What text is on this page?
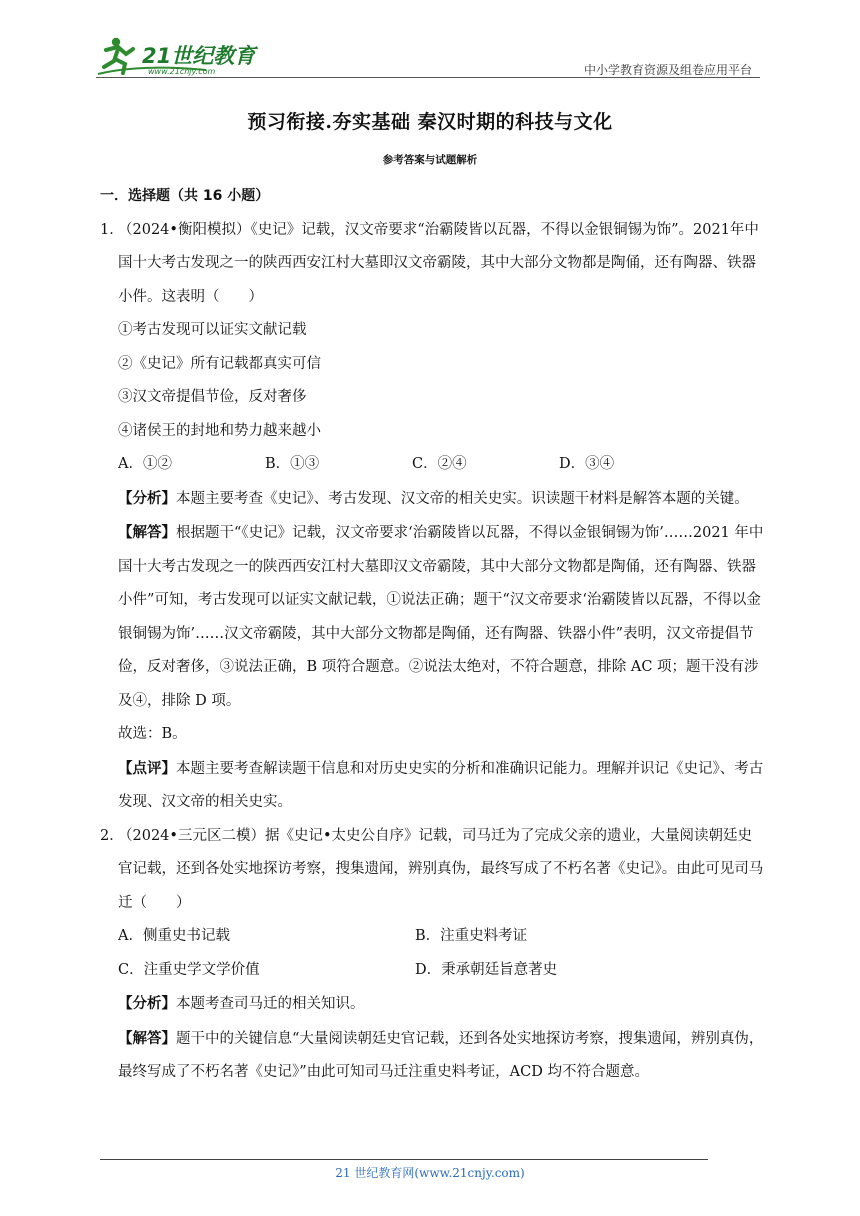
21世纪教育
www.21cnjy.com	中小学教育资源及组卷应用平台
预习衔接.夯实基础 秦汉时期的科技与文化
参考答案与试题解析
一．选择题（共 16 小题）
1．
（2024•衡阳模拟）《史记》记载，汉文帝要求“治霸陵皆以瓦器，不得以金银铜锡为饰”。2021年中国十大考古发现之一的陕西西安江村大墓即汉文帝霸陵，其中大部分文物都是陶俑，还有陶器、铁器小件。这表明（　　）
①考古发现可以证实文献记载
②《史记》所有记载都真实可信
③汉文帝提倡节俭，反对奢侈
④诸侯王的封地和势力越来越小
A．①②	B．①③	C．②④	D．③④
【分析】本题主要考查《史记》、考古发现、汉文帝的相关史实。识读题干材料是解答本题的关键。
【解答】根据题干“《史记》记载，汉文帝要求‘治霸陵皆以瓦器，不得以金银铜锡为饰’……2021 年中国十大考古发现之一的陕西西安江村大墓即汉文帝霸陵，其中大部分文物都是陶俑，还有陶器、铁器小件”可知，考古发现可以证实文献记载，①说法正确；题干“汉文帝要求‘治霸陵皆以瓦器，不得以金银铜锡为饰’……汉文帝霸陵，其中大部分文物都是陶俑，还有陶器、铁器小件”表明，汉文帝提倡节俭，反对奢侈，③说法正确，B 项符合题意。②说法太绝对，不符合题意，排除 AC 项；题干没有涉及④，排除 D 项。
故选：B。
【点评】本题主要考查解读题干信息和对历史史实的分析和准确识记能力。理解并识记《史记》、考古发现、汉文帝的相关史实。
2．
（2024•三元区二模）据《史记•太史公自序》记载，司马迁为了完成父亲的遗业，大量阅读朝廷史官记载，还到各处实地探访考察，搜集遗闻，辨别真伪，最终写成了不朽名著《史记》。由此可见司马迁（　　）
A．侧重史书记载	B．注重史料考证
C．注重史学文学价值	D．秉承朝廷旨意著史
【分析】本题考查司马迁的相关知识。
【解答】题干中的关键信息“大量阅读朝廷史官记载，还到各处实地探访考察，搜集遗闻，辨别真伪，最终写成了不朽名著《史记》”由此可知司马迁注重史料考证，ACD 均不符合题意。
21 世纪教育网(www.21cnjy.com)
